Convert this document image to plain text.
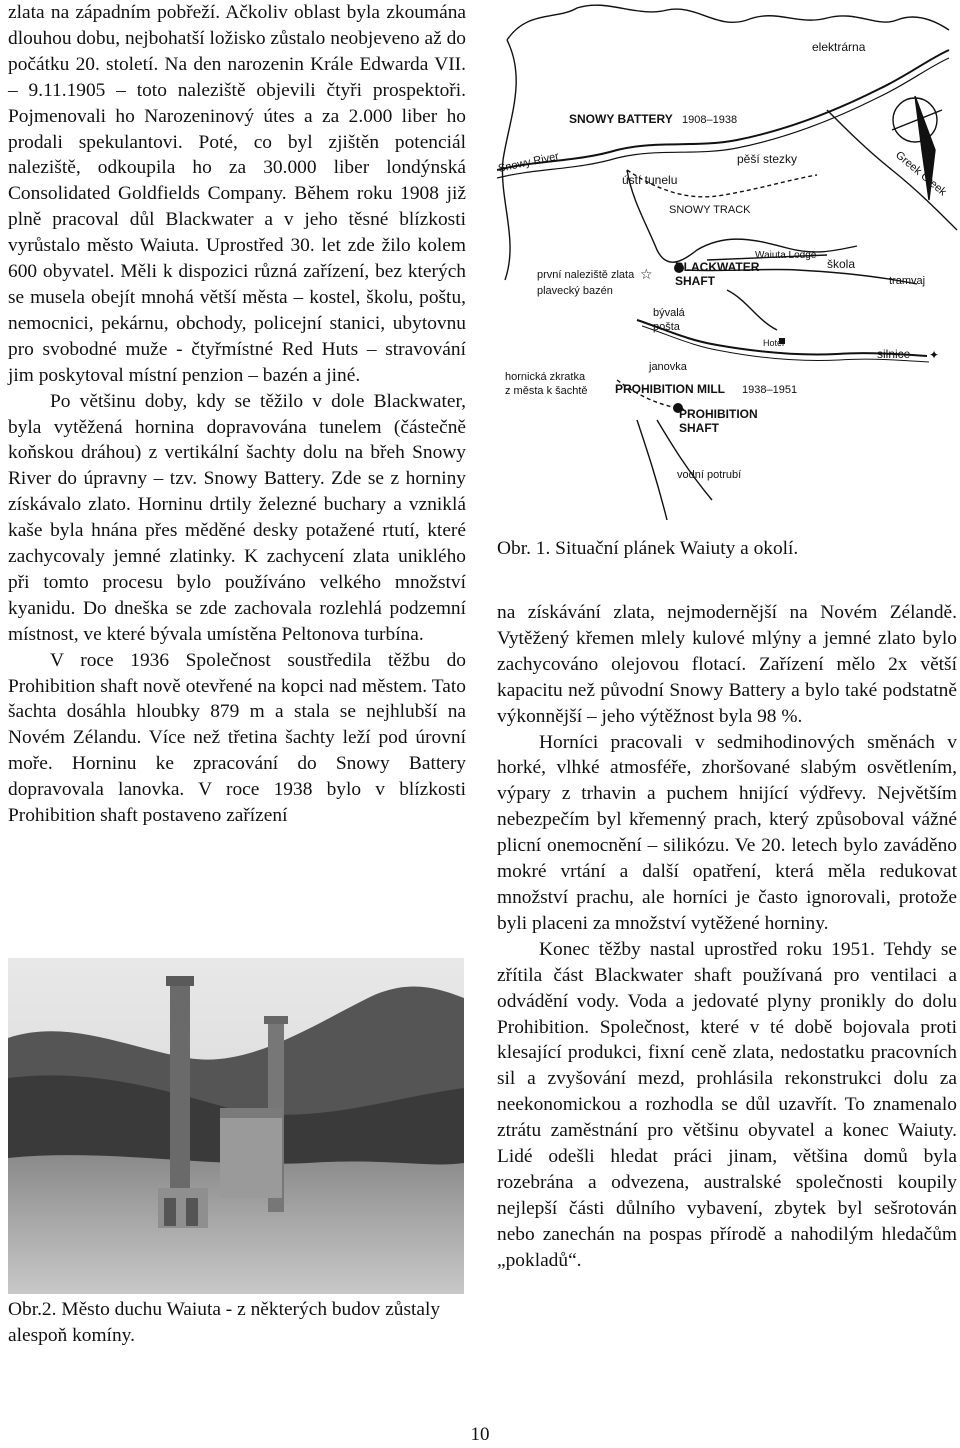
zlata na západním pobřeží. Ačkoliv oblast byla zkoumána dlouhou dobu, nejbohatší ložisko zůstalo neobjeveno až do počátku 20. století. Na den narozenin Krále Edwarda VII. – 9.11.1905 – toto naleziště objevili čtyři prospektoři. Pojmenovali ho Narozeninový útes a za 2.000 liber ho prodali spekulantovi. Poté, co byl zjištěn potenciál naleziště, odkoupila ho za 30.000 liber londýnská Consolidated Goldfields Company. Během roku 1908 již plně pracoval důl Blackwater a v jeho těsné blízkosti vyrůstalo město Waiuta. Uprostřed 30. let zde žilo kolem 600 obyvatel. Měli k dispozici různá zařízení, bez kterých se musela obejít mnohá větší města – kostel, školu, poštu, nemocnici, pekárnu, obchody, policejní stanici, ubytovnu pro svobodné muže - čtyřmístné Red Huts – stravování jim poskytoval místní penzion – bazén a jiné.

Po většinu doby, kdy se těžilo v dole Blackwater, byla vytěžená hornina dopravována tunelem (částečně koňskou dráhou) z vertikální šachty dolu na břeh Snowy River do úpravny – tzv. Snowy Battery. Zde se z horniny získávalo zlato. Horninu drtily železné buchary a vzniklá kaše byla hnána přes měděné desky potažené rtutí, které zachycovaly jemné zlatinky. K zachycení zlata uniklého při tomto procesu bylo používáno velkého množství kyanidu. Do dneška se zde zachovala rozlehlá podzemní místnost, ve které bývala umístěna Peltonova turbína.

V roce 1936 Společnost soustředila těžbu do Prohibition shaft nově otevřené na kopci nad městem. Tato šachta dosáhla hloubky 879 m a stala se nejhlubší na Novém Zélandu. Více než třetina šachty leží pod úrovní moře. Horninu ke zpracování do Snowy Battery dopravovala lanovka. V roce 1938 bylo v blízkosti Prohibition shaft postaveno zařízení

☆
✦
elektrárna
SNOWY BATTERY 1908–1938
Snowy River	pěší stezky
ústí tunelu	Greek Creek
SNOWY TRACK
Waiuta Lodge
škola
tramvaj
první naleziště zlata
plavecký bazén
BLACKWATER
SHAFT
bývalá
pošta
Hotel
silnice
janovka
hornická zkratka
z města k šachtě PROHIBITION MILL 1938–1951
PROHIBITION
SHAFT
vodní potrubí
Obr. 1. Situační plánek Waiuty a okolí.

na získávání zlata, nejmodernější na Novém Zélandě. Vytěžený křemen mlely kulové mlýny a jemné zlato bylo zachycováno olejovou flotací. Zařízení mělo 2x větší kapacitu než původní Snowy Battery a bylo také podstatně výkonnější – jeho výtěžnost byla 98 %.

Horníci pracovali v sedmihodinových směnách v horké, vlhké atmosféře, zhoršované slabým osvětlením, výpary z trhavin a puchem hnijící výdřevy. Největším nebezpečím byl křemenný prach, který způsoboval vážné plicní onemocnění – silikózu. Ve 20. letech bylo zaváděno mokré vrtání a další opatření, která měla redukovat množství prachu, ale horníci je často ignorovali, protože byli placeni za množství vytěžené horniny.

Konec těžby nastal uprostřed roku 1951. Tehdy se zřítila část Blackwater shaft používaná pro ventilaci a odvádění vody. Voda a jedovaté plyny pronikly do dolu Prohibition. Společnost, které v té době bojovala proti klesající produkci, fixní ceně zlata, nedostatku pracovních sil a zvyšování mezd, prohlásila rekonstrukci dolu za neekonomickou a rozhodla se důl uzavřít. To znamenalo ztrátu zaměstnání pro většinu obyvatel a konec Waiuty. Lidé odešli hledat práci jinam, většina domů byla rozebrána a odvezena, australské společnosti koupily nejlepší části důlního vybavení, zbytek byl sešrotován nebo zanechán na pospas přírodě a nahodilým hledačům „pokladů“.

Obr.2. Město duchu Waiuta - z některých budov zůstaly alespoň komíny.
10
